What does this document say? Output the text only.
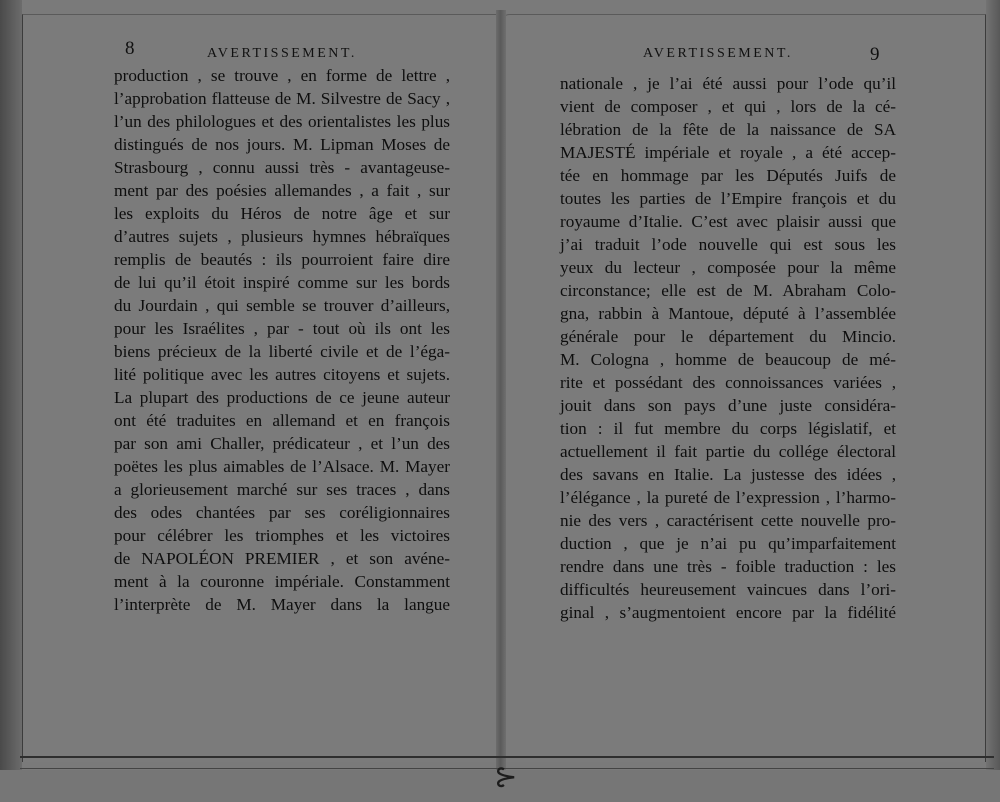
⊱
8	AVERTISSEMENT.	AVERTISSEMENT.	9
production , se trouve , en forme de lettre ,
l’approbation flatteuse de M. Silvestre de Sacy ,
l’un des philologues et des orientalistes les plus
distingués de nos jours. M. Lipman Moses de
Strasbourg , connu aussi très - avantageuse-
ment par des poésies allemandes , a fait , sur
les exploits du Héros de notre âge et sur
d’autres sujets , plusieurs hymnes hébraïques
remplis de beautés : ils pourroient faire dire
de lui qu’il étoit inspiré comme sur les bords
du Jourdain , qui semble se trouver d’ailleurs,
pour les Israélites , par - tout où ils ont les
biens précieux de la liberté civile et de l’éga-
lité politique avec les autres citoyens et sujets.
La plupart des productions de ce jeune auteur
ont été traduites en allemand et en françois
par son ami Challer, prédicateur , et l’un des
poëtes les plus aimables de l’Alsace. M. Mayer
a glorieusement marché sur ses traces , dans
des odes chantées par ses coréligionnaires
pour célébrer les triomphes et les victoires
de NAPOLÉON PREMIER , et son avéne-
ment à la couronne impériale. Constamment
l’interprète de M. Mayer dans la langue
nationale , je l’ai été aussi pour l’ode qu’il
vient de composer , et qui , lors de la cé-
lébration de la fête de la naissance de SA
MAJESTÉ impériale et royale , a été accep-
tée en hommage par les Députés Juifs de
toutes les parties de l’Empire françois et du
royaume d’Italie. C’est avec plaisir aussi que
j’ai traduit l’ode nouvelle qui est sous les
yeux du lecteur , composée pour la même
circonstance; elle est de M. Abraham Colo-
gna, rabbin à Mantoue, député à l’assemblée
générale pour le département du Mincio.
M. Cologna , homme de beaucoup de mé-
rite et possédant des connoissances variées ,
jouit dans son pays d’une juste considéra-
tion : il fut membre du corps législatif, et
actuellement il fait partie du collége électoral
des savans en Italie. La justesse des idées ,
l’élégance , la pureté de l’expression , l’harmo-
nie des vers , caractérisent cette nouvelle pro-
duction , que je n’ai pu qu’imparfaitement
rendre dans une très - foible traduction : les
difficultés heureusement vaincues dans l’ori-
ginal , s’augmentoient encore par la fidélité
